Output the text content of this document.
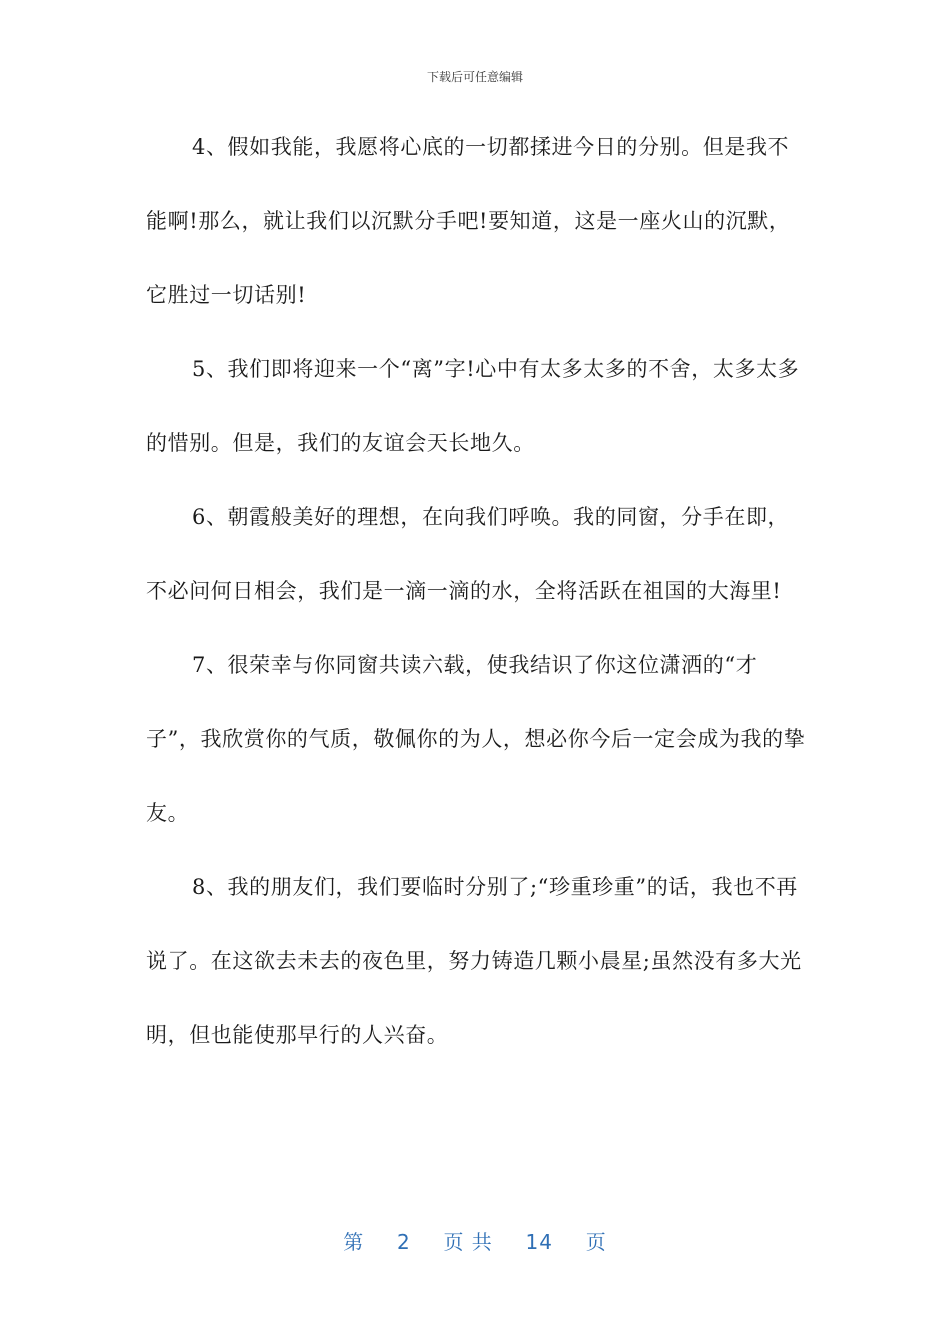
下载后可任意编辑

4、假如我能，我愿将心底的一切都揉进今日的分别。但是我不能啊!那么，就让我们以沉默分手吧!要知道，这是一座火山的沉默，它胜过一切话别!

5、我们即将迎来一个“离”字!心中有太多太多的不舍，太多太多的惜别。但是，我们的友谊会天长地久。

6、朝霞般美好的理想，在向我们呼唤。我的同窗，分手在即，不必问何日相会，我们是一滴一滴的水，全将活跃在祖国的大海里!

7、很荣幸与你同窗共读六载，使我结识了你这位潇洒的“才子”，我欣赏你的气质，敬佩你的为人，想必你今后一定会成为我的挚友。

8、我的朋友们，我们要临时分别了;“珍重珍重”的话，我也不再说了。在这欲去未去的夜色里，努力铸造几颗小晨星;虽然没有多大光明，但也能使那早行的人兴奋。

第 2 页 共 14 页
